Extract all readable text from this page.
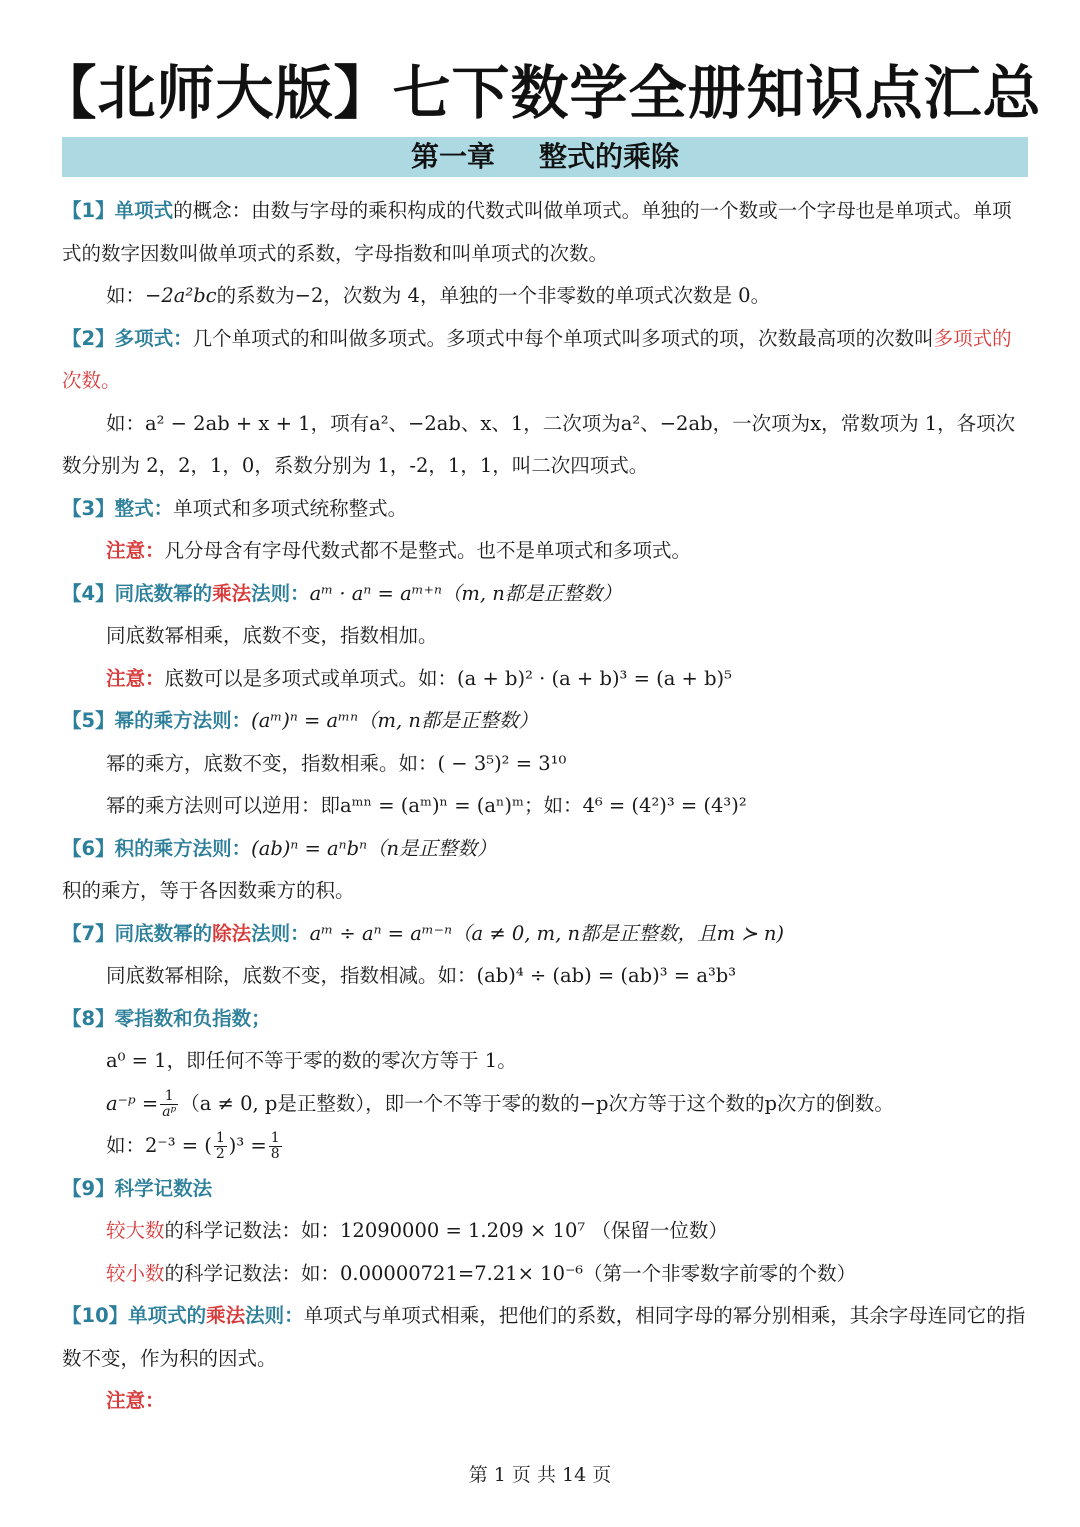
【北师大版】七下数学全册知识点汇总
第一章 整式的乘除

【1】单项式的概念：由数与字母的乘积构成的代数式叫做单项式。单独的一个数或一个字母也是单项式。单项式的数字因数叫做单项式的系数，字母指数和叫单项式的次数。

如：−2a²bc的系数为−2，次数为 4，单独的一个非零数的单项式次数是 0。

【2】多项式：几个单项式的和叫做多项式。多项式中每个单项式叫多项式的项，次数最高项的次数叫多项式的次数。

如：a² − 2ab + x + 1，项有a²、−2ab、x、1，二次项为a²、−2ab，一次项为x，常数项为 1，各项次数分别为 2，2，1，0，系数分别为 1，-2，1，1，叫二次四项式。

【3】整式：单项式和多项式统称整式。

注意：凡分母含有字母代数式都不是整式。也不是单项式和多项式。

【4】同底数幂的乘法法则：aᵐ · aⁿ = aᵐ⁺ⁿ（m, n都是正整数）

同底数幂相乘，底数不变，指数相加。

注意：底数可以是多项式或单项式。如：(a + b)² · (a + b)³ = (a + b)⁵

【5】幂的乘方法则：(aᵐ)ⁿ = aᵐⁿ（m, n都是正整数）

幂的乘方，底数不变，指数相乘。如：( − 3⁵)² = 3¹⁰

幂的乘方法则可以逆用：即aᵐⁿ = (aᵐ)ⁿ = (aⁿ)ᵐ；如：4⁶ = (4²)³ = (4³)²

【6】积的乘方法则：(ab)ⁿ = aⁿbⁿ（n是正整数）

积的乘方，等于各因数乘方的积。

【7】同底数幂的除法法则：aᵐ ÷ aⁿ = aᵐ⁻ⁿ（a ≠ 0, m, n都是正整数，且m ≻ n)

同底数幂相除，底数不变，指数相减。如：(ab)⁴ ÷ (ab) = (ab)³ = a³b³

【8】零指数和负指数；

a⁰ = 1，即任何不等于零的数的零次方等于 1。

a⁻ᵖ = $\frac{1}{\text{aᵖ}} (a \ne 0$, p是正整数），即一个不等于零的数的−p次方等于这个数的p次方的倒数。

如：2⁻³ = ( $\frac{1}{2} )^3 = \frac{1}{8}$

【9】科学记数法

较大数的科学记数法：如：12090000 = 1.209 × 10⁷ （保留一位数）

较小数的科学记数法：如：0.00000721=7.21× 10⁻⁶（第一个非零数字前零的个数）

【10】单项式的乘法法则：单项式与单项式相乘，把他们的系数，相同字母的幂分别相乘，其余字母连同它的指数不变，作为积的因式。

注意：

第 1 页 共 14 页
